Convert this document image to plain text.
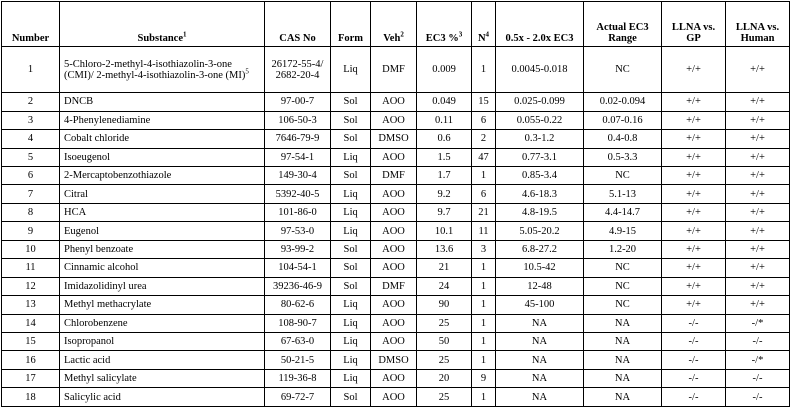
Number	Substance$^1$	CAS No	Form	Veh$^2$	EC3 %$^3$	$N^4$	0.5x - 2.0x EC3	Actual EC3 Range	LLNA vs. GP	LLNA vs. Human
1	5-Chloro-2-methyl-4-isothiazolin-3-one (CMI)/ 2-methyl-4-isothiazolin-3-one (MI)$^5$	26172-55-4/ 2682-20-4	Liq	DMF	0.009	1	0.0045-0.018	NC	+/+	+/+
2	DNCB	97-00-7	Sol	AOO	0.049	15	0.025-0.099	0.02-0.094	+/+	+/+
3	4-Phenylenediamine	106-50-3	Sol	AOO	0.11	6	0.055-0.22	0.07-0.16	+/+	+/+
4	Cobalt chloride	7646-79-9	Sol	DMSO	0.6	2	0.3-1.2	0.4-0.8	+/+	+/+
5	Isoeugenol	97-54-1	Liq	AOO	1.5	47	0.77-3.1	0.5-3.3	+/+	+/+
6	2-Mercaptobenzothiazole	149-30-4	Sol	DMF	1.7	1	0.85-3.4	NC	+/+	+/+
7	Citral	5392-40-5	Liq	AOO	9.2	6	4.6-18.3	5.1-13	+/+	+/+
8	HCA	101-86-0	Liq	AOO	9.7	21	4.8-19.5	4.4-14.7	+/+	+/+
9	Eugenol	97-53-0	Liq	AOO	10.1	11	5.05-20.2	4.9-15	+/+	+/+
10	Phenyl benzoate	93-99-2	Sol	AOO	13.6	3	6.8-27.2	1.2-20	+/+	+/+
11	Cinnamic alcohol	104-54-1	Sol	AOO	21	1	10.5-42	NC	+/+	+/+
12	Imidazolidinyl urea	39236-46-9	Sol	DMF	24	1	12-48	NC	+/+	+/+
13	Methyl methacrylate	80-62-6	Liq	AOO	90	1	45-100	NC	+/+	+/+
14	Chlorobenzene	108-90-7	Liq	AOO	25	1	NA	NA	-/-	-/*
15	Isopropanol	67-63-0	Liq	AOO	50	1	NA	NA	-/-	-/-
16	Lactic acid	50-21-5	Liq	DMSO	25	1	NA	NA	-/-	-/*
17	Methyl salicylate	119-36-8	Liq	AOO	20	9	NA	NA	-/-	-/-
18	Salicylic acid	69-72-7	Sol	AOO	25	1	NA	NA	-/-	-/-
